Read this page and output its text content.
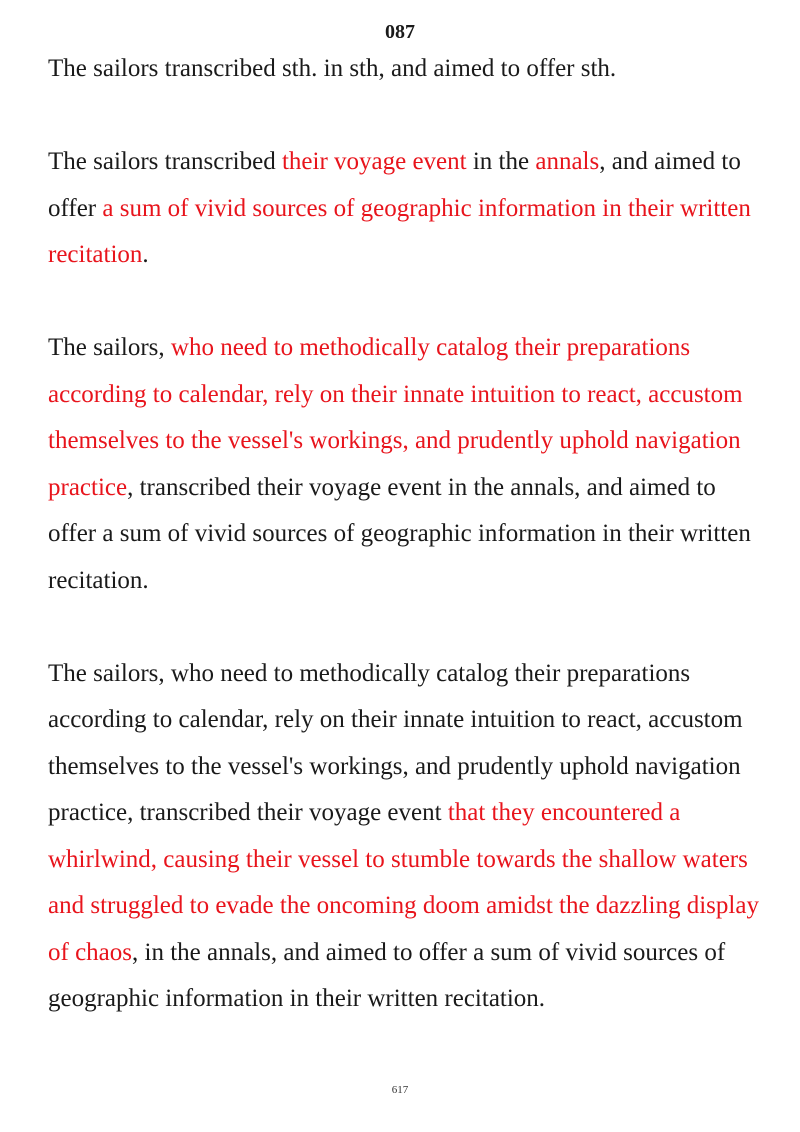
087

The sailors transcribed sth. in sth, and aimed to offer sth.

The sailors transcribed their voyage event in the annals, and aimed to offer a sum of vivid sources of geographic information in their written recitation.

The sailors, who need to methodically catalog their preparations according to calendar, rely on their innate intuition to react, accustom themselves to the vessel's workings, and prudently uphold navigation practice, transcribed their voyage event in the annals, and aimed to offer a sum of vivid sources of geographic information in their written recitation.

The sailors, who need to methodically catalog their preparations according to calendar, rely on their innate intuition to react, accustom themselves to the vessel's workings, and prudently uphold navigation practice, transcribed their voyage event that they encountered a whirlwind, causing their vessel to stumble towards the shallow waters and struggled to evade the oncoming doom amidst the dazzling display of chaos, in the annals, and aimed to offer a sum of vivid sources of geographic information in their written recitation.

617
